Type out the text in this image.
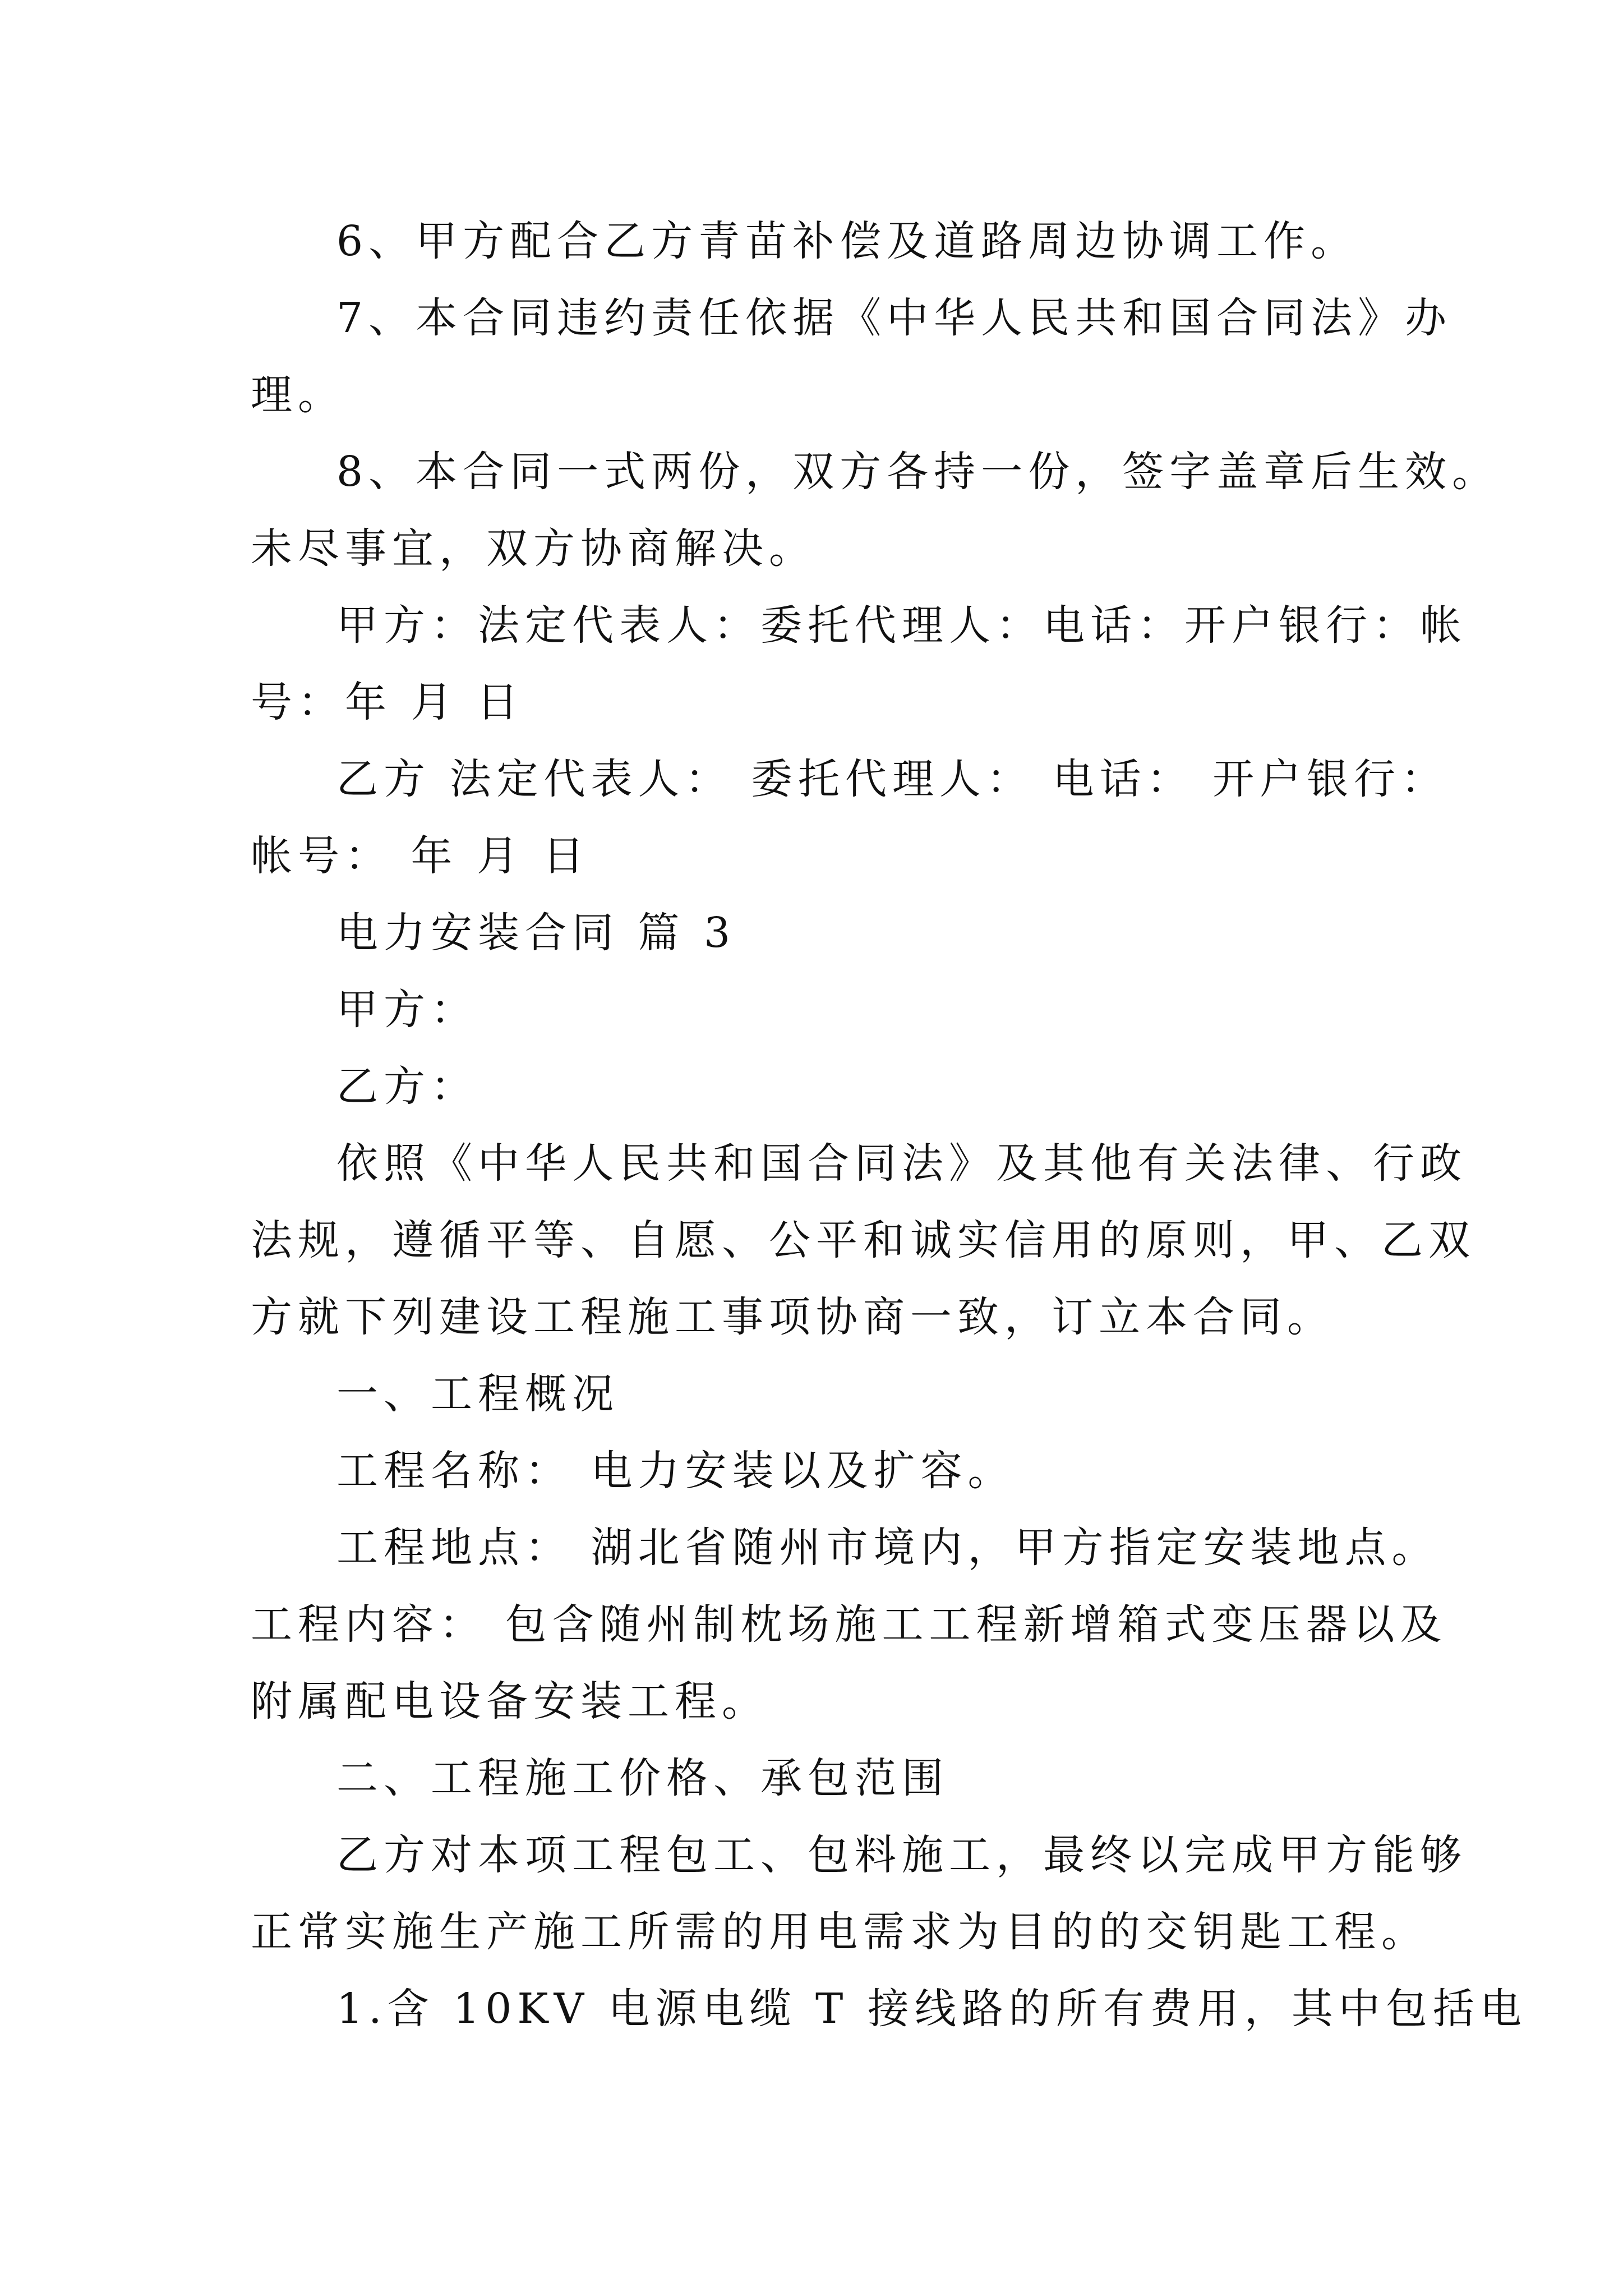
6、甲方配合乙方青苗补偿及道路周边协调工作。
7、本合同违约责任依据《中华人民共和国合同法》办
理。
8、本合同一式两份，双方各持一份，签字盖章后生效。
未尽事宜，双方协商解决。
甲方：法定代表人：委托代理人：电话：开户银行：帐
号：年 月 日
乙方 法定代表人： 委托代理人： 电话： 开户银行：
帐号： 年 月 日
电力安装合同 篇 3
甲方：
乙方：
依照《中华人民共和国合同法》及其他有关法律、行政
法规，遵循平等、自愿、公平和诚实信用的原则，甲、乙双
方就下列建设工程施工事项协商一致，订立本合同。
一、工程概况
工程名称： 电力安装以及扩容。
工程地点： 湖北省随州市境内，甲方指定安装地点。
工程内容： 包含随州制枕场施工工程新增箱式变压器以及
附属配电设备安装工程。
二、工程施工价格、承包范围
乙方对本项工程包工、包料施工，最终以完成甲方能够
正常实施生产施工所需的用电需求为目的的交钥匙工程。
1.含 10KV 电源电缆 T 接线路的所有费用，其中包括电
